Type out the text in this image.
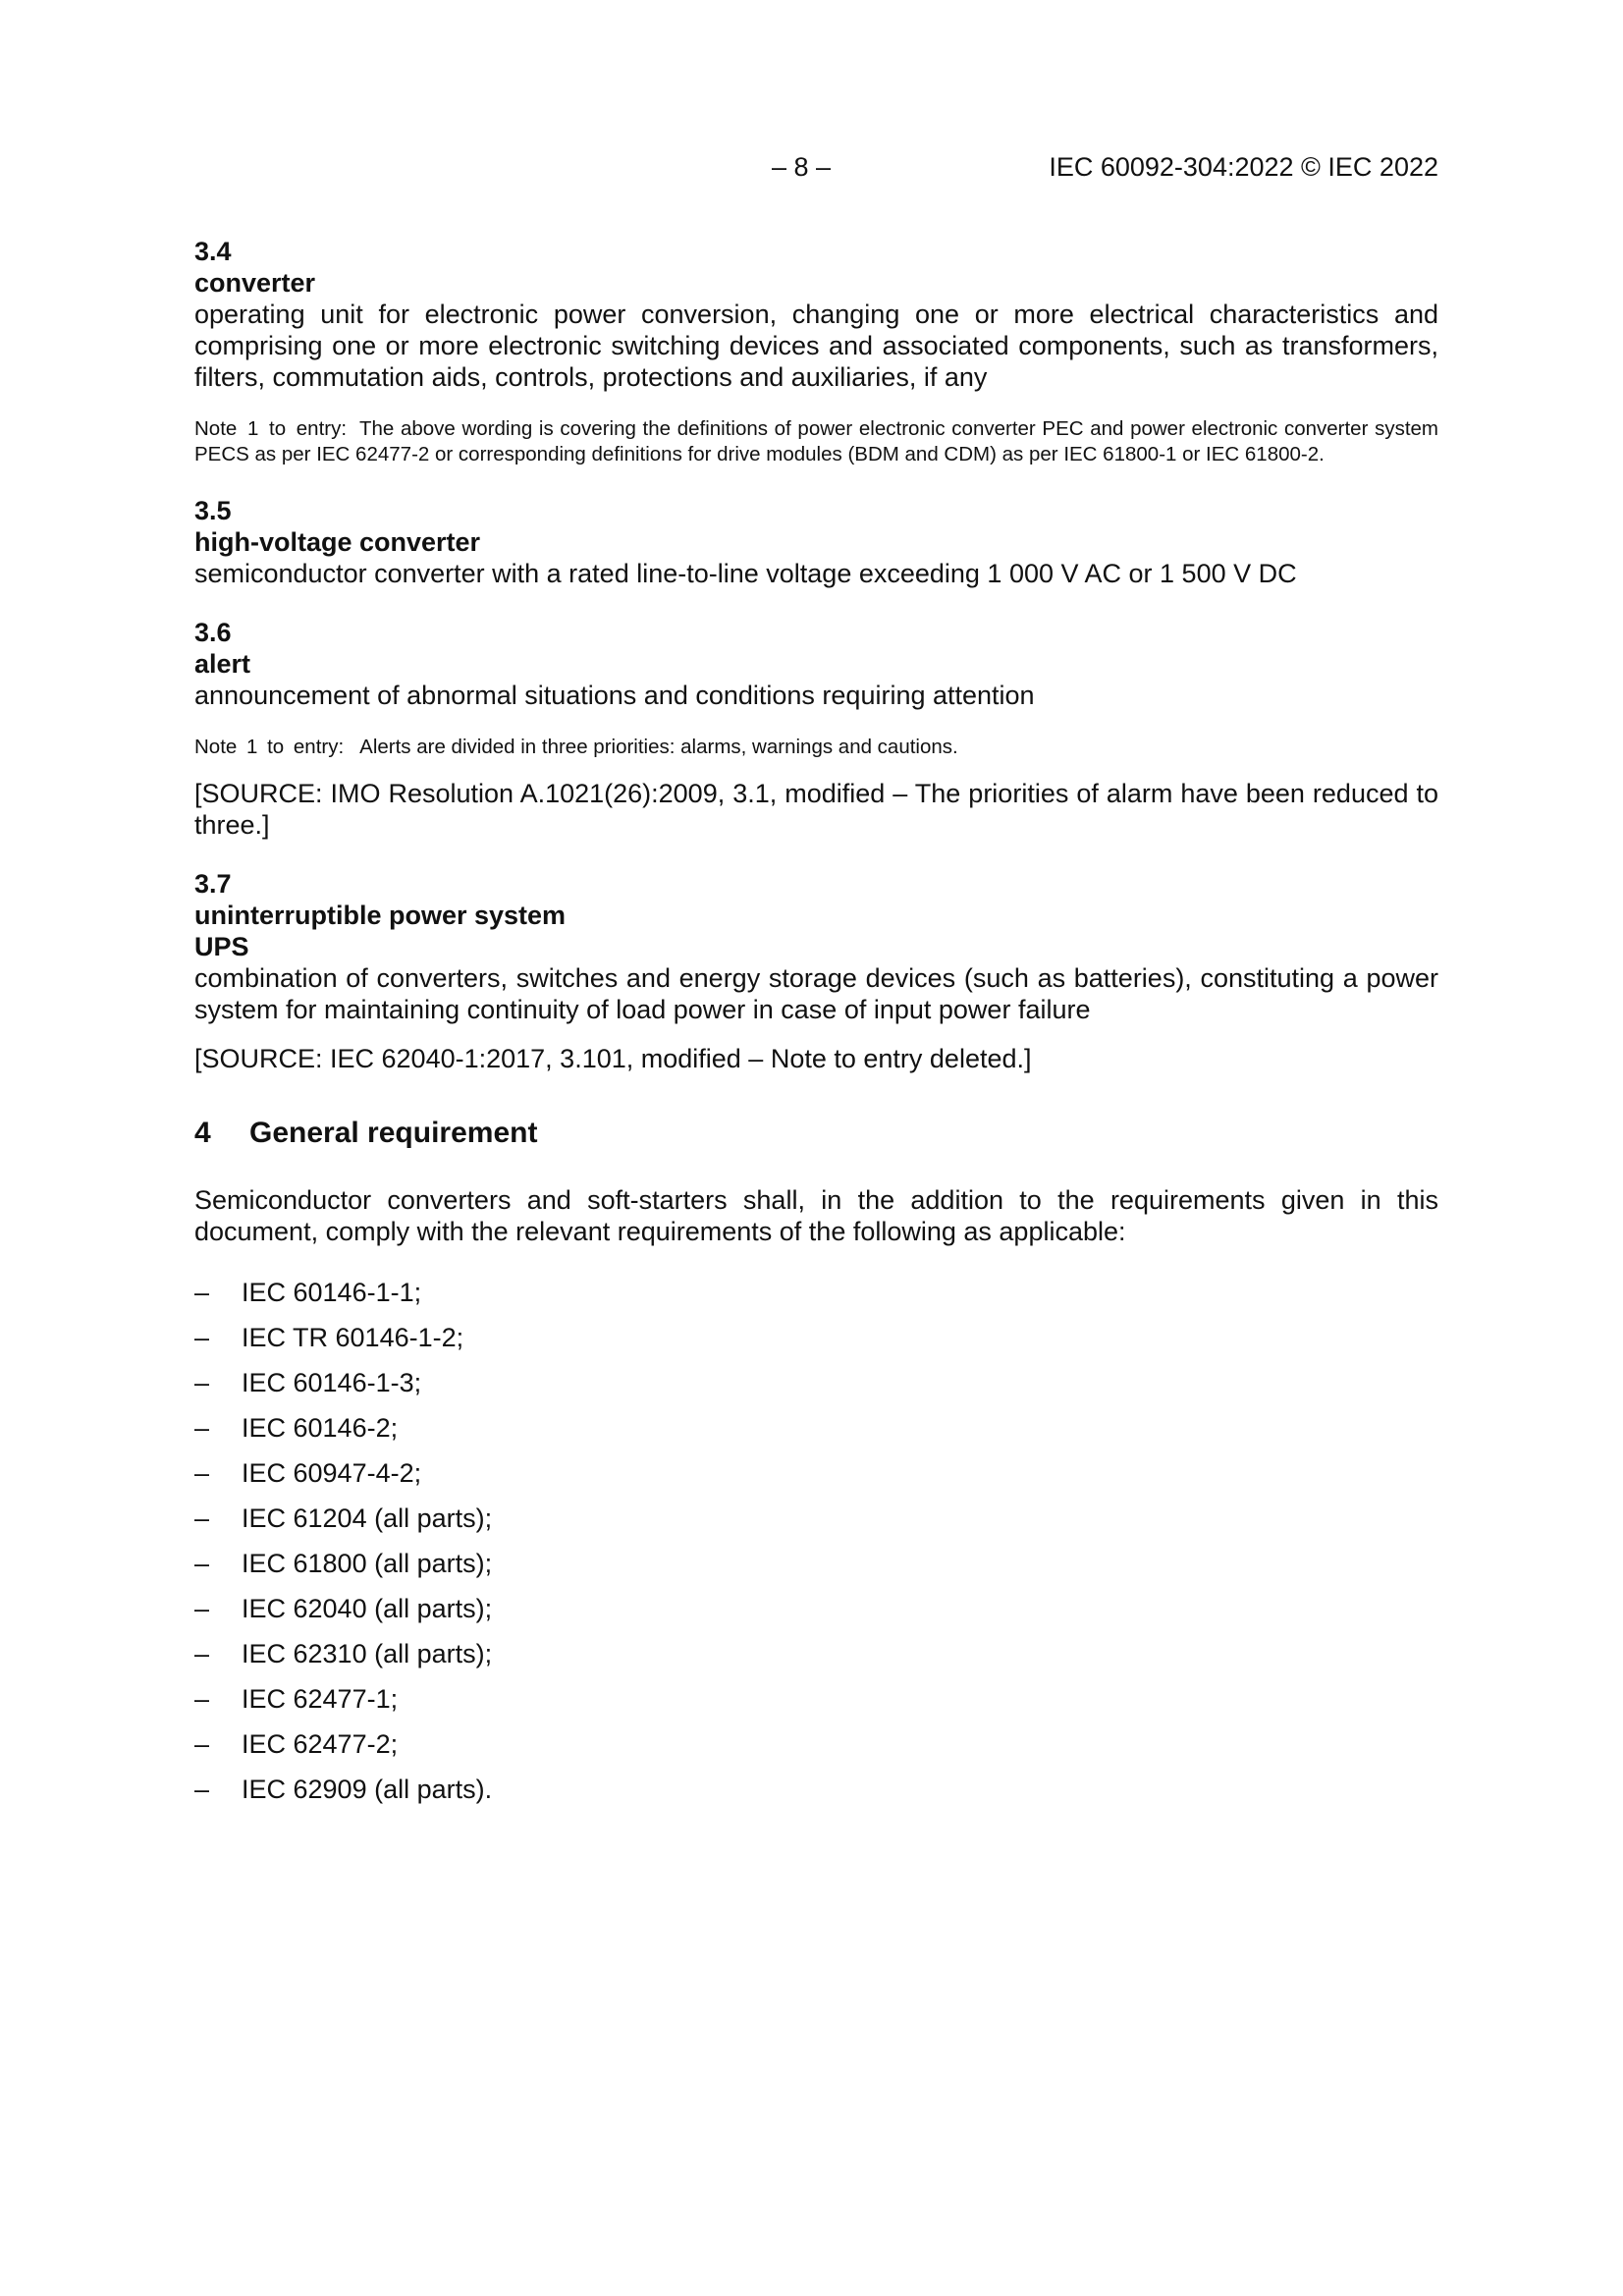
– 8 –	IEC 60092-304:2022 © IEC 2022
3.4
converter
operating unit for electronic power conversion, changing one or more electrical characteristics and comprising one or more electronic switching devices and associated components, such as transformers, filters, commutation aids, controls, protections and auxiliaries, if any
Note 1 to entry: The above wording is covering the definitions of power electronic converter PEC and power electronic converter system PECS as per IEC 62477-2 or corresponding definitions for drive modules (BDM and CDM) as per IEC 61800-1 or IEC 61800-2.
3.5
high-voltage converter
semiconductor converter with a rated line-to-line voltage exceeding 1 000 V AC or 1 500 V DC
3.6
alert
announcement of abnormal situations and conditions requiring attention
Note 1 to entry: Alerts are divided in three priorities: alarms, warnings and cautions.
[SOURCE: IMO Resolution A.1021(26):2009, 3.1, modified – The priorities of alarm have been reduced to three.]
3.7
uninterruptible power system
UPS
combination of converters, switches and energy storage devices (such as batteries), constituting a power system for maintaining continuity of load power in case of input power failure
[SOURCE: IEC 62040-1:2017, 3.101, modified – Note to entry deleted.]
4 General requirement
Semiconductor converters and soft-starters shall, in the addition to the requirements given in this document, comply with the relevant requirements of the following as applicable:
– IEC 60146-1-1;
– IEC TR 60146-1-2;
– IEC 60146-1-3;
– IEC 60146-2;
– IEC 60947-4-2;
– IEC 61204 (all parts);
– IEC 61800 (all parts);
– IEC 62040 (all parts);
– IEC 62310 (all parts);
– IEC 62477-1;
– IEC 62477-2;
– IEC 62909 (all parts).
